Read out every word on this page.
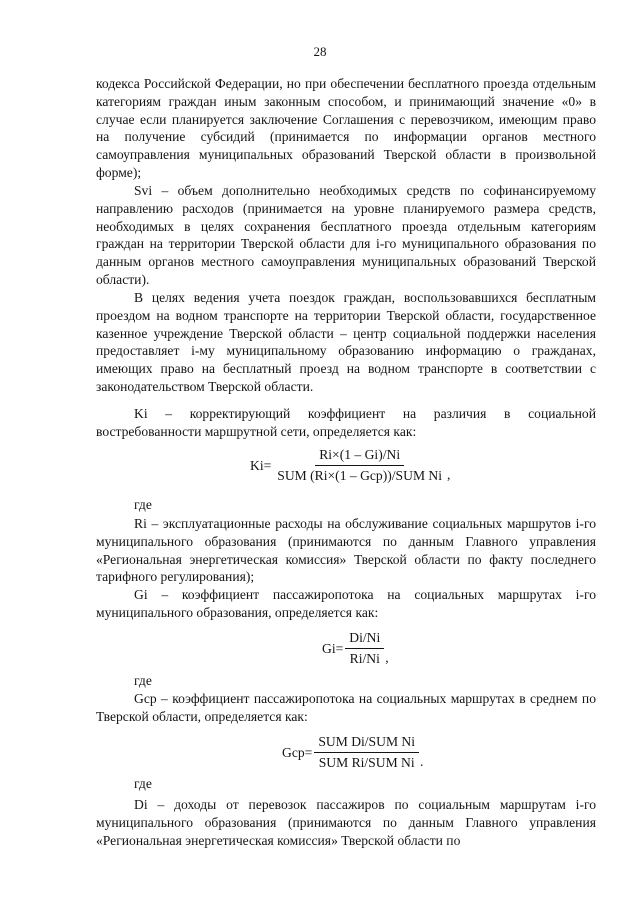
28
кодекса Российской Федерации, но при обеспечении бесплатного проезда отдельным категориям граждан иным законным способом, и принимающий значение «0» в случае если планируется заключение Соглашения с перевозчиком, имеющим право на получение субсидий (принимается по информации органов местного самоуправления муниципальных образований Тверской области в произвольной форме);
Svi – объем дополнительно необходимых средств по софинансируемому направлению расходов (принимается на уровне планируемого размера средств, необходимых в целях сохранения бесплатного проезда отдельным категориям граждан на территории Тверской области для i-го муниципального образования по данным органов местного самоуправления муниципальных образований Тверской области).
В целях ведения учета поездок граждан, воспользовавшихся бесплатным проездом на водном транспорте на территории Тверской области, государственное казенное учреждение Тверской области – центр социальной поддержки населения предоставляет i-му муниципальному образованию информацию о гражданах, имеющих право на бесплатный проезд на водном транспорте в соответствии с законодательством Тверской области.
Ki – корректирующий коэффициент на различия в социальной востребованности маршрутной сети, определяется как:
$Ki= \frac{Ri\times(1 - Gi)/Ni}{\text{SUM (Ri×(1 – Gср))/SUM Ni}}$ ,
где
Ri – эксплуатационные расходы на обслуживание социальных маршрутов i-го муниципального образования (принимаются по данным Главного управления «Региональная энергетическая комиссия» Тверской области по факту последнего тарифного регулирования);
Gi – коэффициент пассажиропотока на социальных маршрутах i-го муниципального образования, определяется как:
$Gi= \frac{Di/Ni}{Ri/Ni}$ ,
где
Gср – коэффициент пассажиропотока на социальных маршрутах в среднем по Тверской области, определяется как:
$Gср= \frac{\text{SUM Di/SUM Ni}}{\text{SUM Ri/SUM Ni}}$ .
где
Di – доходы от перевозок пассажиров по социальным маршрутам i-го муниципального образования (принимаются по данным Главного управления «Региональная энергетическая комиссия» Тверской области по
